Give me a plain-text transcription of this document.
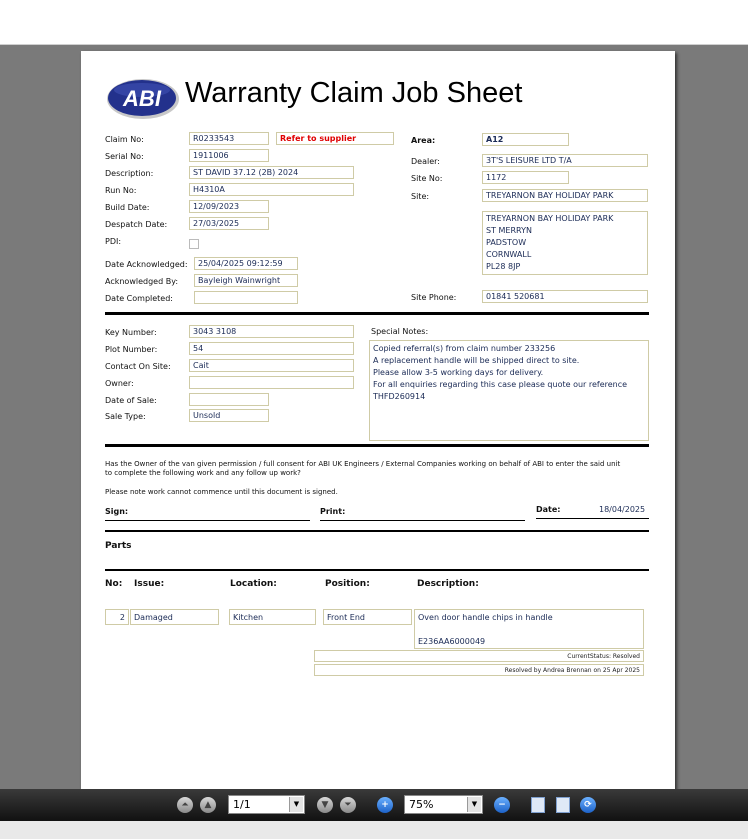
ABI Warranty Claim Job Sheet
Claim No:	R0233543	Refer to supplier
Serial No:	1911006
Description:	ST DAVID 37.12 (2B) 2024
Run No:	H4310A
Build Date:	12/09/2023
Despatch Date:	27/03/2025
PDI:
Date Acknowledged:	25/04/2025 09:12:59
Acknowledged By:	Bayleigh Wainwright
Date Completed:
Area:	A12
Dealer:	3T'S LEISURE LTD T/A
Site No:	1172
Site:	TREYARNON BAY HOLIDAY PARK
TREYARNON BAY HOLIDAY PARK
ST MERRYN
PADSTOW
CORNWALL
PL28 8JP
Site Phone:	01841 520681
Key Number:	3043 3108
Plot Number:	54
Contact On Site:	Cait
Owner:
Date of Sale:
Sale Type:	Unsold
Special Notes:
Copied referral(s) from claim number 233256
A replacement handle will be shipped direct to site.
Please allow 3-5 working days for delivery.
For all enquiries regarding this case please quote our reference
THFD260914
Has the Owner of the van given permission / full consent for ABI UK Engineers / External Companies working on behalf of ABI to enter the said unit
to complete the following work and any follow up work?
Please note work cannot commence until this document is signed.
Sign:	Print:	Date:	18/04/2025
Parts
No: Issue:	Location:	Position:	Description:
2	Damaged	Kitchen	Front End	Oven door handle chips in handle
E236AA6000049
CurrentStatus: Resolved
Resolved by Andrea Brennan on 25 Apr 2025
⏶	▲	1/1	▼	▼	⏷	+	75%	▼	−	⟳
